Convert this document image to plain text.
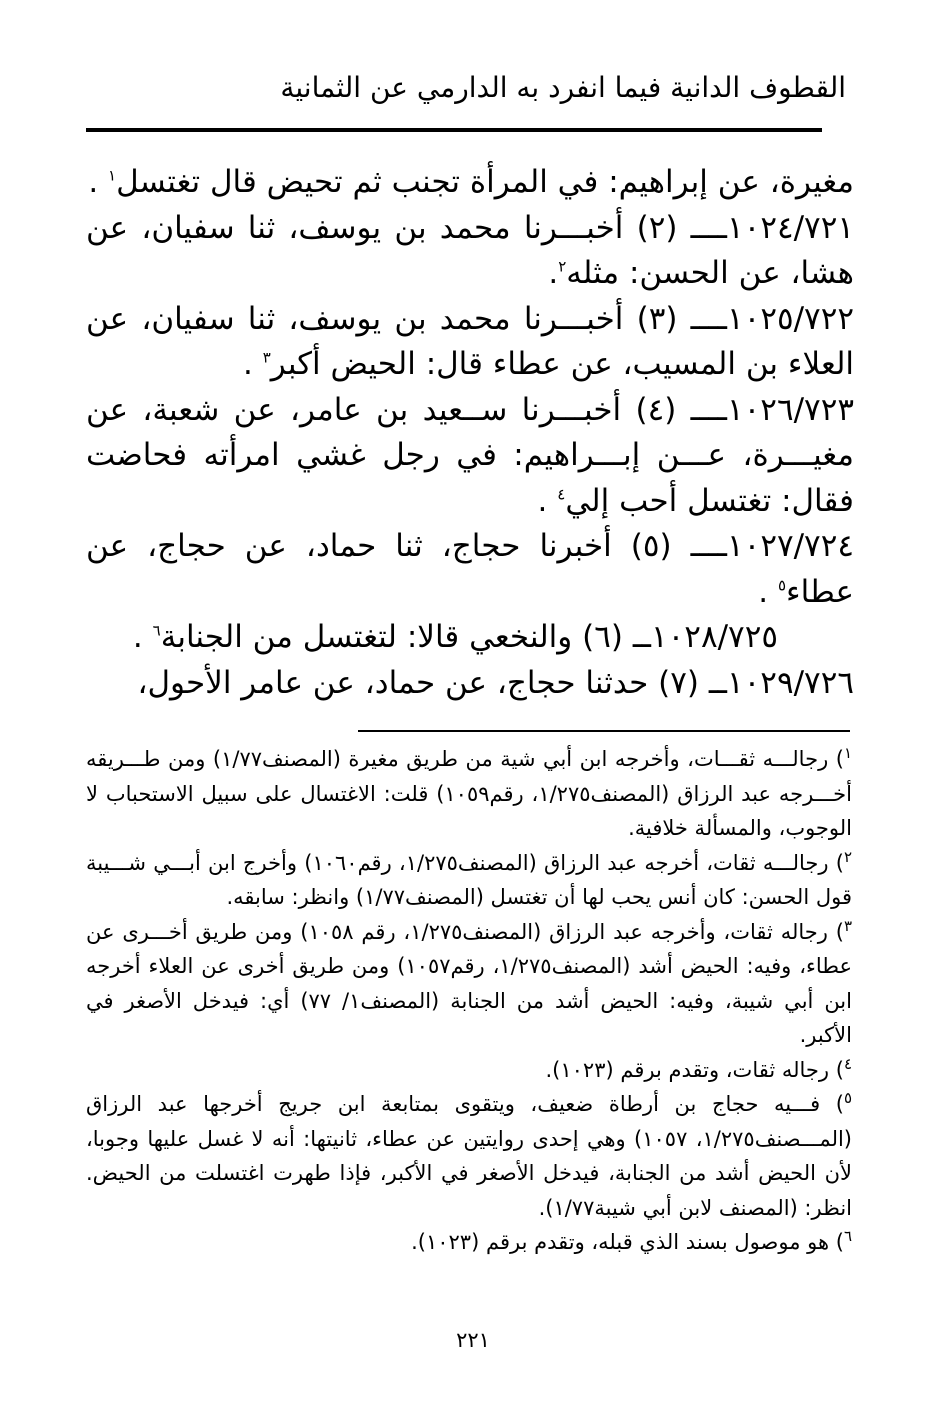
القطوف الدانية فيما انفرد به الدارمي عن الثمانية

مغيرة، عن إبراهيم: في المرأة تجنب ثم تحيض قال تغتسل$^١$ .

١٠٢٤/٧٢١ــــ (٢) أخبـــرنا محمد بن يوسف، ثنا سفيان، عن هشا، عن الحسن: مثله$^٢$.

١٠٢٥/٧٢٢ــــ (٣) أخبـــرنا محمد بن يوسف، ثنا سفيان، عن العلاء بن المسيب، عن عطاء قال: الحيض أكبر$^٣$ .

١٠٢٦/٧٢٣ــــ (٤) أخبـــرنا ســعيد بن عامر، عن شعبة، عن مغيـــرة، عـــن إبـــراهيم: في رجل غشي امرأته فحاضت فقال: تغتسل أحب إلي$^٤$ .

١٠٢٧/٧٢٤ــــ (٥) أخبرنا حجاج، ثنا حماد، عن حجاج، عن عطاء$^٥$ .

١٠٢٨/٧٢٥ــ (٦) والنخعي قالا: لتغتسل من الجنابة$^٦$ .

١٠٢٩/٧٢٦ــ (٧) حدثنا حجاج، عن حماد، عن عامر الأحول،

$^١$) رجالـــه ثقـــات، وأخرجه ابن أبي شية من طريق مغيرة (المصنف١/٧٧) ومن طـــريقه أخـــرجه عبد الرزاق (المصنف١/٢٧٥، رقم١٠٥٩) قلت: الاغتسال على سبيل الاستحباب لا الوجوب، والمسألة خلافية.

$^٢$) رجالـــه ثقات، أخرجه عبد الرزاق (المصنف١/٢٧٥، رقم١٠٦٠) وأخرج ابن أبـــي شـــيبة قول الحسن: كان أنس يحب لها أن تغتسل (المصنف١/٧٧) وانظر: سابقه.

$^٣$) رجاله ثقات، وأخرجه عبد الرزاق (المصنف١/٢٧٥، رقم ١٠٥٨) ومن طريق أخـــرى عن عطاء، وفيه: الحيض أشد (المصنف١/٢٧٥، رقم١٠٥٧) ومن طريق أخرى عن العلاء أخرجه ابن أبي شيبة، وفيه: الحيض أشد من الجنابة (المصنف١/ ٧٧) أي: فيدخل الأصغر في الأكبر.

$^٤$) رجاله ثقات، وتقدم برقم (١٠٢٣).

$^٥$) فـــيه حجاج بن أرطاة ضعيف، ويتقوى بمتابعة ابن جريج أخرجها عبد الرزاق (المـــصنف١/٢٧٥، ١٠٥٧) وهي إحدى روايتين عن عطاء، ثانيتها: أنه لا غسل عليها وجوبا، لأن الحيض أشد من الجنابة، فيدخل الأصغر في الأكبر، فإذا طهرت اغتسلت من الحيض. انظر: (المصنف لابن أبي شيبة١/٧٧).

$^٦$) هو موصول بسند الذي قبله، وتقدم برقم (١٠٢٣).

٢٢١
